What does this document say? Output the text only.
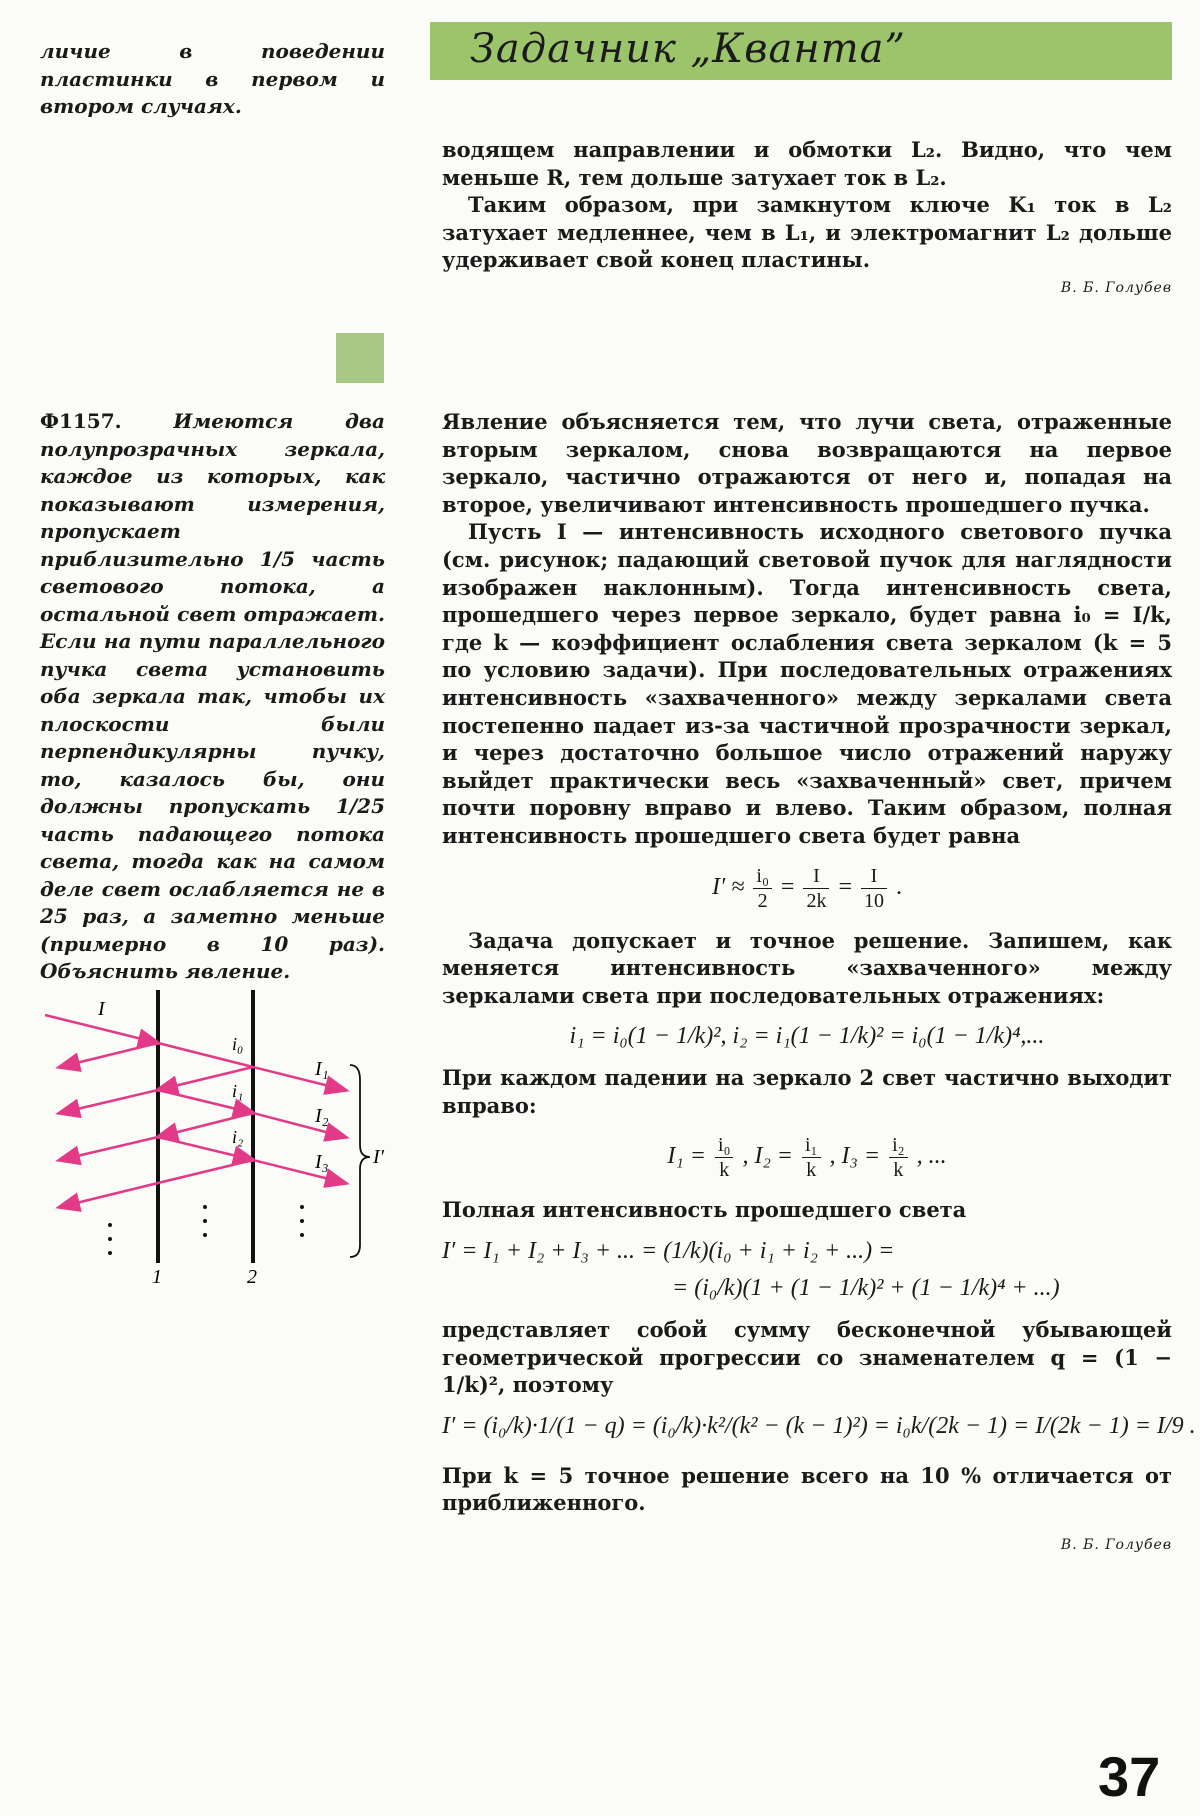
Задачник „Кванта”

личие в поведении пластинки в первом и втором случаях.

водящем направлении и обмотки L₂. Видно, что чем меньше R, тем дольше затухает ток в L₂.

Таким образом, при замкнутом ключе K₁ ток в L₂ затухает медленнее, чем в L₁, и электромагнит L₂ дольше удерживает свой конец пластины.

В. Б. Голубев

Ф1157.	Имеются два полупрозрачных зеркала, каждое из которых, как показывают измерения, пропускает приблизительно 1/5 часть светового потока, а остальной свет отражает. Если на пути параллельного пучка света установить оба зеркала так, чтобы их плоскости были перпендикулярны пучку, то, казалось бы, они должны пропускать 1/25 часть падающего потока света, тогда как на самом деле свет ослабляется не в 25 раз, а заметно меньше (примерно в 10 раз). Объяснить явление.

I
i₀
i₁
i₂
I₁
I₂
I₃ I′
1	2

Явление объясняется тем, что лучи света, отраженные вторым зеркалом, снова возвращаются на первое зеркало, частично отражаются от него и, попадая на второе, увеличивают интенсивность прошедшего пучка.

Пусть I — интенсивность исходного светового пучка (см. рисунок; падающий световой пучок для наглядности изображен наклонным). Тогда интенсивность света, прошедшего через первое зеркало, будет равна i₀ = I/k, где k — коэффициент ослабления света зеркалом (k = 5 по условию задачи). При последовательных отражениях интенсивность «захваченного» между зеркалами света постепенно падает из-за частичной прозрачности зеркал, и через достаточно большое число отражений наружу выйдет практически весь «захваченный» свет, причем почти поровну вправо и влево. Таким образом, полная интенсивность прошедшего света будет равна

$I' \approx \frac{\text{i₀}}{2} = \frac{I}{2k} = \frac{I}{10}$ .

Задача допускает и точное решение. Запишем, как меняется интенсивность «захваченного» между зеркалами света при последовательных отражениях:

i₁ = i₀(1 − 1/k)², i₂ = i₁(1 − 1/k)² = i₀(1 − 1/k)⁴,...

При каждом падении на зеркало 2 свет частично выходит вправо:

$I_1 = \frac{\text{i₀}}{k}$ , $I_2 = \frac{\text{i₁}}{k}$ , $I_3 = \frac{\text{i₂}}{k}$ , ...

Полная интенсивность прошедшего света

I′ = I₁ + I₂ + I₃ + ... = (1/k)(i₀ + i₁ + i₂ + ...) =
= (i₀/k)(1 + (1 − 1/k)² + (1 − 1/k)⁴ + ...)

представляет собой сумму бесконечной убывающей геометрической прогрессии со знаменателем q = (1 − 1/k)², поэтому

I′ = (i₀/k)·1/(1 − q) = (i₀/k)·k²/(k² − (k − 1)²) = i₀k/(2k − 1) = I/(2k − 1) = I/9 .

При k = 5 точное решение всего на 10 % отличается от приближенного.

В. Б. Голубев

37
